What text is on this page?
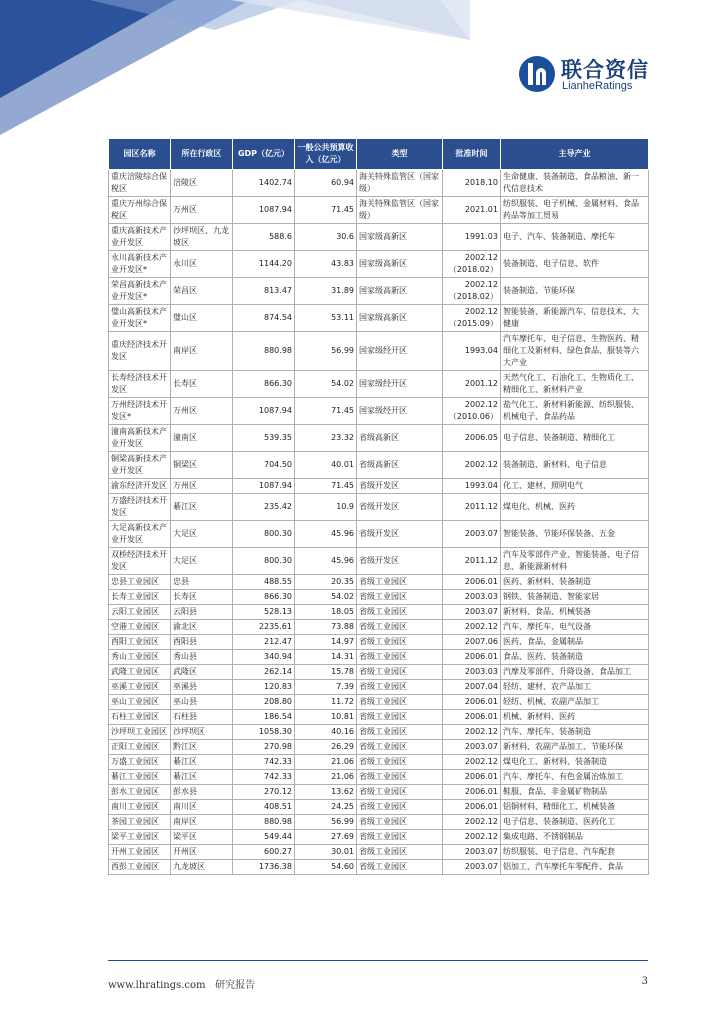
联合资信
LianheRatings
园区名称	所在行政区	GDP（亿元）	一般公共预算收入（亿元）	类型	批准时间	主导产业
重庆涪陵综合保税区	涪陵区	1402.74	60.94	海关特殊监管区（国家级）	2018.10	生命健康、装备制造、食品粮油、新一代信息技术
重庆万州综合保税区	万州区	1087.94	71.45	海关特殊监管区（国家级）	2021.01	纺织服装、电子机械、金属材料、食品药品等加工贸易
重庆高新技术产业开发区	沙坪坝区、九龙坡区	588.6	30.6	国家级高新区	1991.03	电子、汽车、装备制造、摩托车
永川高新技术产业开发区*	永川区	1144.20	43.83	国家级高新区	2002.12（2018.02）	装备制造、电子信息、软件
荣昌高新技术产业开发区*	荣昌区	813.47	31.89	国家级高新区	2002.12（2018.02）	装备制造、节能环保
璧山高新技术产业开发区*	璧山区	874.54	53.11	国家级高新区	2002.12（2015.09）	智能装备、新能源汽车、信息技术、大健康
重庆经济技术开发区	南岸区	880.98	56.99	国家级经开区	1993.04	汽车摩托车、电子信息、生物医药、精细化工及新材料、绿色食品、服装等六大产业
长寿经济技术开发区	长寿区	866.30	54.02	国家级经开区	2001.12	天然气化工、石油化工、生物质化工、精细化工、新材料产业
万州经济技术开发区*	万州区	1087.94	71.45	国家级经开区	2002.12（2010.06）	盐气化工、新材料新能源、纺织服装、机械电子、食品药品
潼南高新技术产业开发区	潼南区	539.35	23.32	省级高新区	2006.05	电子信息、装备制造、精细化工
铜梁高新技术产业开发区	铜梁区	704.50	40.01	省级高新区	2002.12	装备制造、新材料、电子信息
渝东经济开发区	万州区	1087.94	71.45	省级开发区	1993.04	化工、建材、照明电气
万盛经济技术开发区	綦江区	235.42	10.9	省级开发区	2011.12	煤电化、机械、医药
大足高新技术产业开发区	大足区	800.30	45.96	省级开发区	2003.07	智能装备、节能环保装备、五金
双桥经济技术开发区	大足区	800.30	45.96	省级开发区	2011.12	汽车及零部件产业、智能装备、电子信息、新能源新材料
忠县工业园区	忠县	488.55	20.35	省级工业园区	2006.01	医药、新材料、装备制造
长寿工业园区	长寿区	866.30	54.02	省级工业园区	2003.03	钢铁、装备制造、智能家居
云阳工业园区	云阳县	528.13	18.05	省级工业园区	2003.07	新材料、食品、机械装备
空港工业园区	渝北区	2235.61	73.88	省级工业园区	2002.12	汽车、摩托车、电气设备
酉阳工业园区	酉阳县	212.47	14.97	省级工业园区	2007.06	医药、食品、金属制品
秀山工业园区	秀山县	340.94	14.31	省级工业园区	2006.01	食品、医药、装备制造
武隆工业园区	武隆区	262.14	15.78	省级工业园区	2003.03	汽摩及零部件、升降设备、食品加工
巫溪工业园区	巫溪县	120.83	7.39	省级工业园区	2007.04	轻纺、建材、农产品加工
巫山工业园区	巫山县	208.80	11.72	省级工业园区	2006.01	轻纺、机械、农副产品加工
石柱工业园区	石柱县	186.54	10.81	省级工业园区	2006.01	机械、新材料、医药
沙坪坝工业园区	沙坪坝区	1058.30	40.16	省级工业园区	2002.12	汽车、摩托车、装备制造
正阳工业园区	黔江区	270.98	26.29	省级工业园区	2003.07	新材料、农副产品加工、节能环保
万盛工业园区	綦江区	742.33	21.06	省级工业园区	2002.12	煤电化工、新材料、装备制造
綦江工业园区	綦江区	742.33	21.06	省级工业园区	2006.01	汽车、摩托车、有色金属冶炼加工
彭水工业园区	彭水县	270.12	13.62	省级工业园区	2006.01	鞋服、食品、非金属矿物制品
南川工业园区	南川区	408.51	24.25	省级工业园区	2006.01	铝铜材料、精细化工、机械装备
茶园工业园区	南岸区	880.98	56.99	省级工业园区	2002.12	电子信息、装备制造、医药化工
梁平工业园区	梁平区	549.44	27.69	省级工业园区	2002.12	集成电路、不锈钢制品
开州工业园区	开州区	600.27	30.01	省级工业园区	2003.07	纺织服装、电子信息、汽车配套
西彭工业园区	九龙坡区	1736.38	54.60	省级工业园区	2003.07	铝加工、汽车摩托车零配件、食品
www.lhratings.com 研究报告	3
